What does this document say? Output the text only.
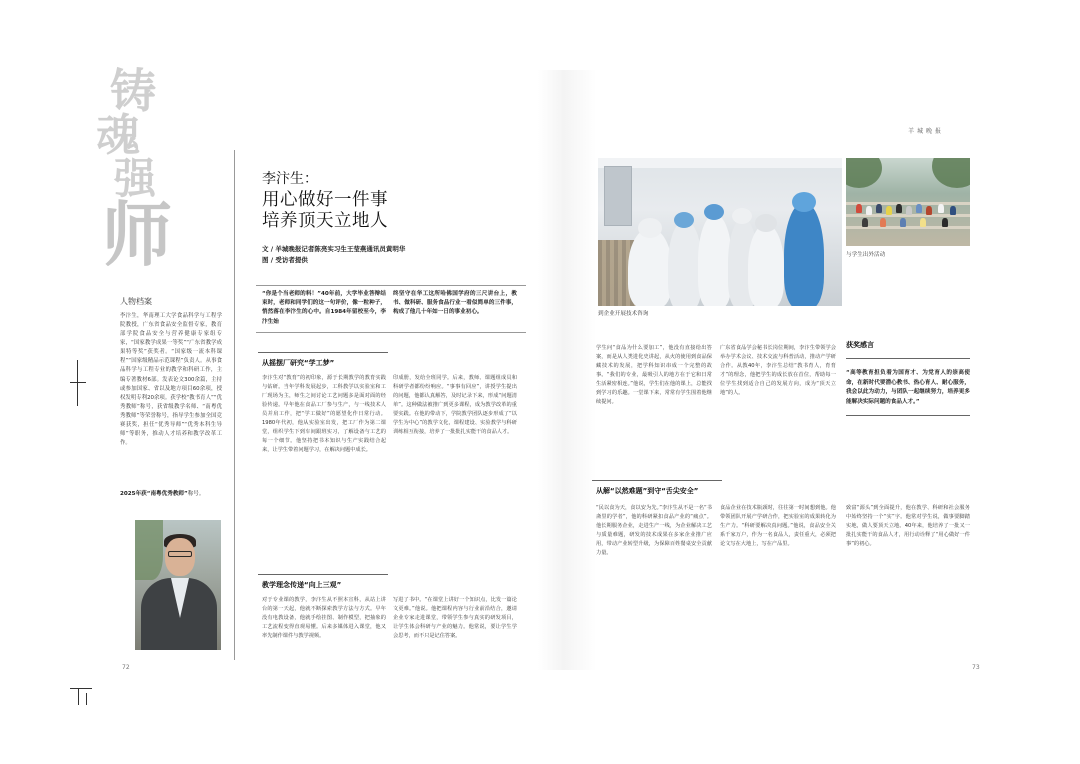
铸
魂
强
师
人物档案
李汴生，华南理工大学食品科学与工程学院教授，广东省食品安全监督专家，教育部学院食品安全与营养健康专家组专家，“国家教学成果一等奖”“广东省教学成果特等奖”获奖者。“国家级一流本科课程”“国家级精品示范课程”负责人。从事食品科学与工程专业的教学和科研工作，主编专著教材6部。发表论文300余篇，主持或参加国家、省以及地方项目60余项，授权发明专利20余项。获学校“教书育人”“优秀教师”称号，获省级教学名师、“南粤优秀教师”等荣誉称号，指导学生参加全国竞赛获奖，担任“优秀导师”“优秀本科生导师”等职务，推动人才培养和教学改革工作。
2025年获“南粤优秀教师”称号。
李汴生：
用心做好一件事
培养顶天立地人
文 / 羊城晚报记者陈亮实习生王莹燕通讯员黄明华
图 / 受访者提供
“你是个当老师的料！”40年前，大学毕业答辩结束时，老师和同学们的这一句评价，像一粒种子，悄然落在李汴生的心中。自1984年留校至今，李汴生始
终坚守在华工这所哈佛国学府的三尺讲台上，教书、做科研、服务食品行业一看似简单的三件事，构成了他几十年如一日的事业初心。
从摇摆厂研究“学工梦”
李汴生对“教育”的初印象，源于长期教学的教育实践与钻研。当年学科发展起步，工科教学以实验室和工厂现场为主，师生之间讨论工艺问题多是面对面的经验传递。早年他在食品工厂参与生产，与一线技术人员并肩工作，把“学工做好”的愿望化作日常行动。1980年代初，他从实验室出发，把工厂作为第二课堂，组织学生下到车间跟班实习，了解设备与工艺的每一个细节。他坚持把书本知识与生产实践结合起来，让学生带着问题学习，在解决问题中成长。
印成册，发给全班同学。后来，教师、课题组成员和科研学者都纷纷响应。“事事有回应”，讲授学生提出的问题，他都认真解答，及时记录下来，形成“问题清单”。这种做法被推广到更多课程，成为教学改革的重要实践。在他的带动下，学院教学团队逐步形成了“以学生为中心”的教学文化，课程建设、实验教学与科研训练相互衔接，培养了一批批扎实能干的食品人才。
教学理念传递“向上三观”
对于专业课的教学，李汴生从不照本宣科，从站上讲台的第一天起，他就不断探索教学方法与方式。早年没有电教设备，他就手绘挂图、制作模型，把抽象的工艺流程变得直观易懂。后来多媒体进入课堂，他又率先制作课件与教学视频。
写进了书中。“在课堂上讲好一个知识点，比发一篇论文更难。”他说。他把课程内容与行业前沿结合，邀请企业专家走进课堂，带领学生参与真实的研发项目，让学生体会科研与产业的魅力。他常说，要让学生学会思考，而不只是记住答案。
72
羊城晚报
到企业开展技术咨询
与学生出外活动
学生问“食品为什么要加工”，他没有直接给出答案，而是从人类进化史讲起，从火的使用到食品保藏技术的发展，把学科知识串成一个完整的故事。“我们的专业，最吸引人的地方在于它和日常生活紧密相连。”他说，学生们在他的课上，总能找到学习的乐趣。一堂课下来，常常有学生围着他继续提问。
广东省食品学会秘书长岗位期间，李汴生带领学会举办学术会议、技术交流与科普活动，推动产学研合作。从教40年，李汴生总结“教书育人，育育才”的理念，他把学生的成长放在首位，帮助每一位学生找到适合自己的发展方向，成为“顶天立地”的人。
从解“以然难题”到守“舌尖安全”
“民以食为天，食以安为先。”李汴生从不是一名“书斋里的学者”，他的科研紧扣食品产业的“痛点”。他长期服务企业，走进生产一线，为企业解决工艺与质量难题，研发的技术成果在多家企业推广应用，带动产业转型升级，为保障百姓餐桌安全贡献力量。
食品企业在技术瓶颈时，往往第一时间想到他。他带领团队开展产学研合作，把实验室的成果转化为生产力。“科研要解决真问题。”他说，食品安全关系千家万户，作为一名食品人，责任重大，必须把论文写在大地上，写在产品里。
致富“源头”到全面提升，他在教学、科研和社会服务中始终坚持一个“实”字。他常对学生说，做事要脚踏实地，做人要顶天立地。40年来，他培养了一批又一批扎实能干的食品人才，用行动诠释了“用心做好一件事”的初心。
获奖感言
“高等教育担负着为国育才、为党育人的崇高使命，在新时代要潜心教书、热心育人、耐心服务，我会以此为动力，与团队一起继续努力，培养更多能解决实际问题的食品人才。”
73
